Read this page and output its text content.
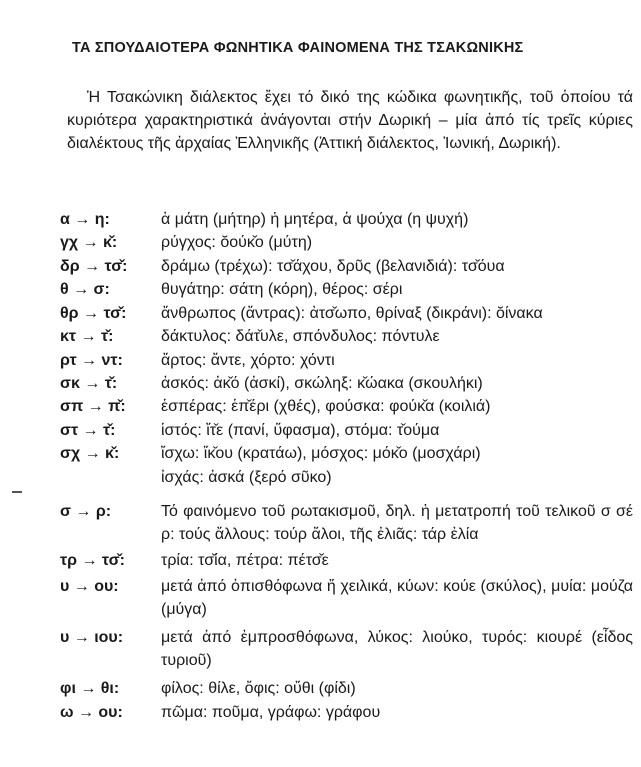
ΤΑ ΣΠΟΥΔΑΙΟΤΕΡΑ ΦΩΝΗΤΙΚΑ ΦΑΙΝΟΜΕΝΑ ΤΗΣ ΤΣΑΚΩΝΙΚΗΣ
Ἡ Τσακώνικη διάλεκτος ἔχει τό δικό της κώδικα φωνητικῆς, τοῦ ὁποίου τά κυριότερα χαρακτηριστικά ἀνάγονται στήν Δωρική – μία ἀπό τίς τρεῖς κύριες διαλέκτους τῆς ἀρχαίας Ἑλληνικῆς (Ἀττική διάλεκτος, Ἰωνική, Δωρική).
α → η:	ἁ μάτη (μήτηρ) ἡ μητέρα, ἁ ψούχα (η ψυχή)
γχ → κ̌:	ρύγχος: ŏούκ̌ο (μύτη)
δρ → τσ̌:	δράμω (τρέχω): τσ̌άχου, δρῦς (βελανιδιά): τσ̌όυα
θ → σ:	θυγάτηρ: σάτη (κόρη), θέρος: σέρι
θρ → τσ̌:	ἄνθρωπος (ἄντρας): ἀτσ̌ωπο, θρίναξ (δικράνι): ŏίνακα
κτ → τ̌:	δάκτυλος: δάτ̌υλε, σπόνδυλος: πόντυλε
ρτ → ντ:	ἄρτος: ἄντε, χόρτο: χόντι
σκ → τ̌:	ἀσκός: ἀκ̌ό (ἀσκί), σκώληξ: κ̌ώακα (σκουλήκι)
σπ → π̌:	ἑσπέρας: ἑπ̌έρι (χθές), φούσκα: φούκ̌α (κοιλιά)
στ → τ̌:	ἱστός: ἴτ̌ε (πανί, ὕφασμα), στόμα: τ̌ούμα
σχ → κ̌:	ἴσχω: ἴκ̌ου (κρατάω), μόσχος: μόκ̌ο (μοσχάρι)
ἰσχάς: ἀσκά (ξερό σῦκο)
σ → ρ:	Τό φαινόμενο τοῦ ρωτακισμοῦ, δηλ. ἡ μετατροπή τοῦ τελικοῦ σ σέ ρ: τούς ἄλλους: τούρ ἄλοι, τῆς ἐλιᾶς: τάρ ἐλία
τρ → τσ̌:	τρία: τσ̌ία, πέτρα: πέτσ̌ε
υ → ου:	μετά ἀπό ὀπισθόφωνα ἤ χειλικά, κύων: κούε (σκύλος), μυία: μούζα (μύγα)
υ → ιου:	μετά ἀπό ἐμπροσθόφωνα, λύκος: λιούκο, τυρός: κιουρέ (εἶδος τυριοῦ)
φι → θι:	φίλος: θίλε, ὄφις: οὔθι (φίδι)
ω → ου:	πῶμα: ποῦμα, γράφω: γράφου
